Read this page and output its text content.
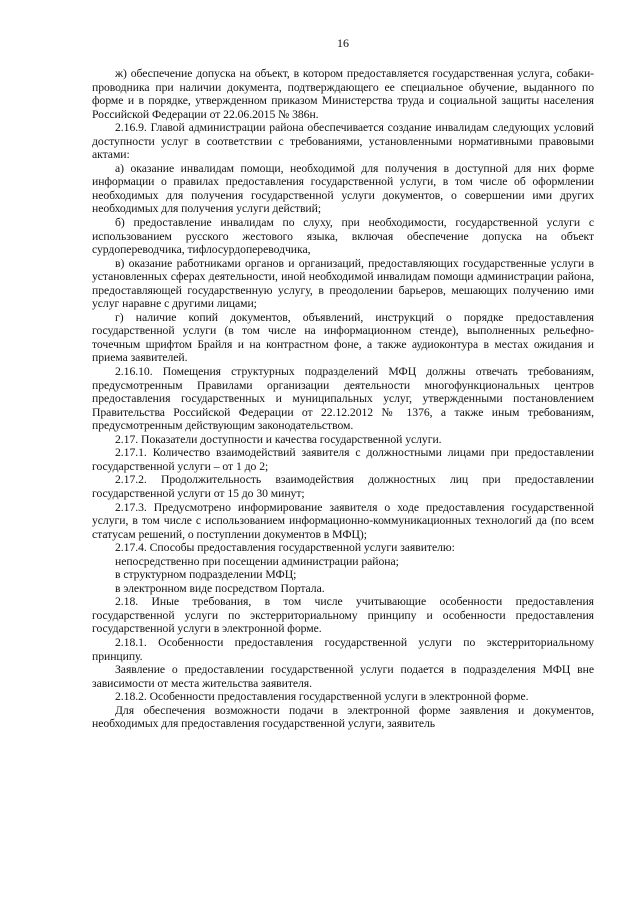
16

ж) обеспечение допуска на объект, в котором предоставляется государственная услуга, собаки-проводника при наличии документа, подтверждающего ее специальное обучение, выданного по форме и в порядке, утвержденном приказом Министерства труда и социальной защиты населения Российской Федерации от 22.06.2015 № 386н.

2.16.9. Главой администрации района обеспечивается создание инвалидам следующих условий доступности услуг в соответствии с требованиями, установленными нормативными правовыми актами:

а) оказание инвалидам помощи, необходимой для получения в доступной для них форме информации о правилах предоставления государственной услуги, в том числе об оформлении необходимых для получения государственной услуги документов, о совершении ими других необходимых для получения услуги действий;

б) предоставление инвалидам по слуху, при необходимости, государственной услуги с использованием русского жестового языка, включая обеспечение допуска на объект сурдопереводчика, тифлосурдопереводчика,

в) оказание работниками органов и организаций, предоставляющих государственные услуги в установленных сферах деятельности, иной необходимой инвалидам помощи администрации района, предоставляющей государственную услугу, в преодолении барьеров, мешающих получению ими услуг наравне с другими лицами;

г) наличие копий документов, объявлений, инструкций о порядке предоставления государственной услуги (в том числе на информационном стенде), выполненных рельефно-точечным шрифтом Брайля и на контрастном фоне, а также аудиоконтура в местах ожидания и приема заявителей.

2.16.10. Помещения структурных подразделений МФЦ должны отвечать требованиям, предусмотренным Правилами организации деятельности многофункциональных центров предоставления государственных и муниципальных услуг, утвержденными постановлением Правительства Российской Федерации от 22.12.2012 № 1376, а также иным требованиям, предусмотренным действующим законодательством.

2.17. Показатели доступности и качества государственной услуги.

2.17.1. Количество взаимодействий заявителя с должностными лицами при предоставлении государственной услуги – от 1 до 2;

2.17.2. Продолжительность взаимодействия должностных лиц при предоставлении государственной услуги от 15 до 30 минут;

2.17.3. Предусмотрено информирование заявителя о ходе предоставления государственной услуги, в том числе с использованием информационно-коммуникационных технологий да (по всем статусам решений, о поступлении документов в МФЦ);

2.17.4. Способы предоставления государственной услуги заявителю:

непосредственно при посещении администрации района;

в структурном подразделении МФЦ;

в электронном виде посредством Портала.

2.18. Иные требования, в том числе учитывающие особенности предоставления государственной услуги по экстерриториальному принципу и особенности предоставления государственной услуги в электронной форме.

2.18.1. Особенности предоставления государственной услуги по экстерриториальному принципу.

Заявление о предоставлении государственной услуги подается в подразделения МФЦ вне зависимости от места жительства заявителя.

2.18.2. Особенности предоставления государственной услуги в электронной форме.

Для обеспечения возможности подачи в электронной форме заявления и документов, необходимых для предоставления государственной услуги, заявитель
